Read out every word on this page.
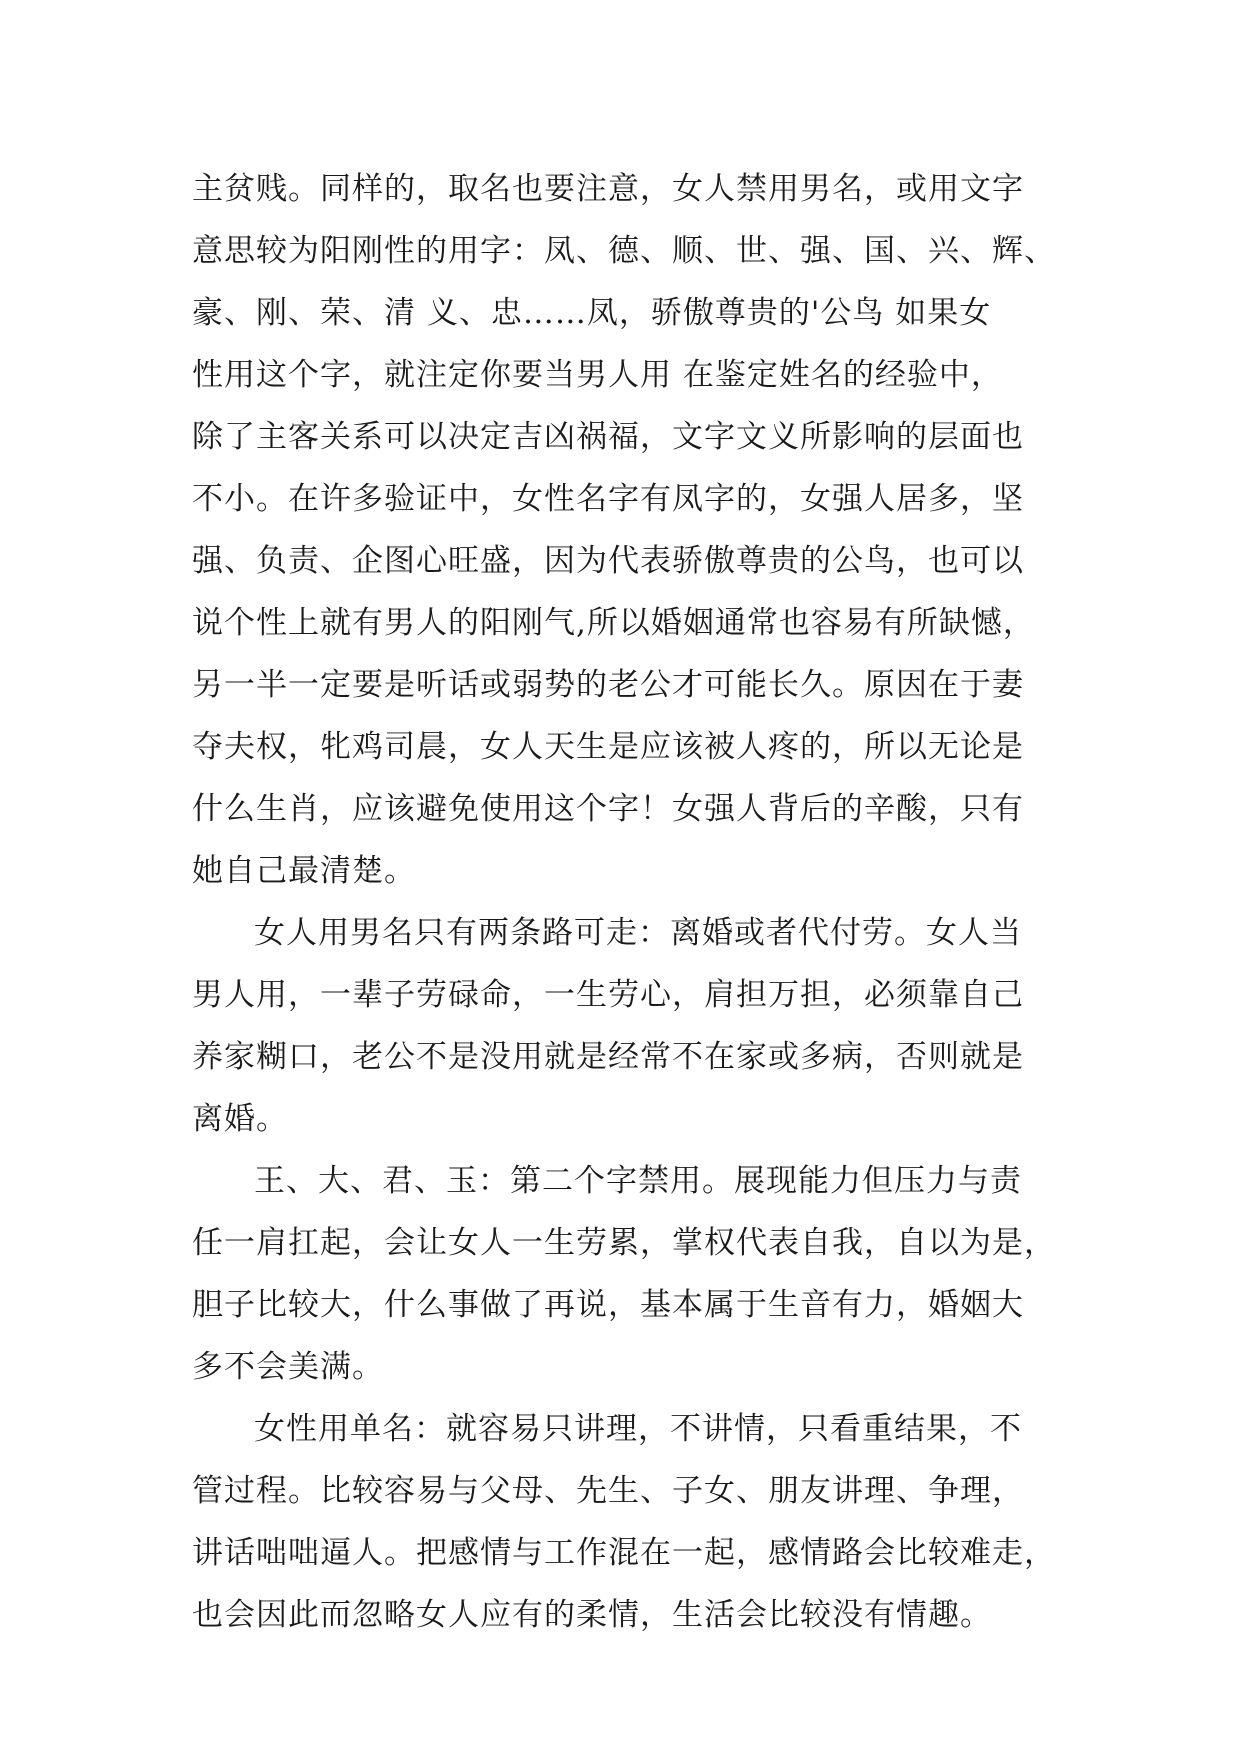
主贫贱。同样的，取名也要注意，女人禁用男名，或用文字
意思较为阳刚性的用字：凤、德、顺、世、强、国、兴、辉、
豪、刚、荣、清 义、忠……凤，骄傲尊贵的'公鸟 如果女
性用这个字，就注定你要当男人用 在鉴定姓名的经验中，
除了主客关系可以决定吉凶祸福，文字文义所影响的层面也
不小。在许多验证中，女性名字有凤字的，女强人居多，坚
强、负责、企图心旺盛，因为代表骄傲尊贵的公鸟，也可以
说个性上就有男人的阳刚气,所以婚姻通常也容易有所缺憾，
另一半一定要是听话或弱势的老公才可能长久。原因在于妻
夺夫权，牝鸡司晨，女人天生是应该被人疼的，所以无论是
什么生肖，应该避免使用这个字！女强人背后的辛酸，只有
她自己最清楚。
女人用男名只有两条路可走：离婚或者代付劳。女人当
男人用，一辈子劳碌命，一生劳心，肩担万担，必须靠自己
养家糊口，老公不是没用就是经常不在家或多病，否则就是
离婚。
王、大、君、玉：第二个字禁用。展现能力但压力与责
任一肩扛起，会让女人一生劳累，掌权代表自我，自以为是，
胆子比较大，什么事做了再说，基本属于生音有力，婚姻大
多不会美满。
女性用单名：就容易只讲理，不讲情，只看重结果，不
管过程。比较容易与父母、先生、子女、朋友讲理、争理，
讲话咄咄逼人。把感情与工作混在一起，感情路会比较难走，
也会因此而忽略女人应有的柔情，生活会比较没有情趣。
